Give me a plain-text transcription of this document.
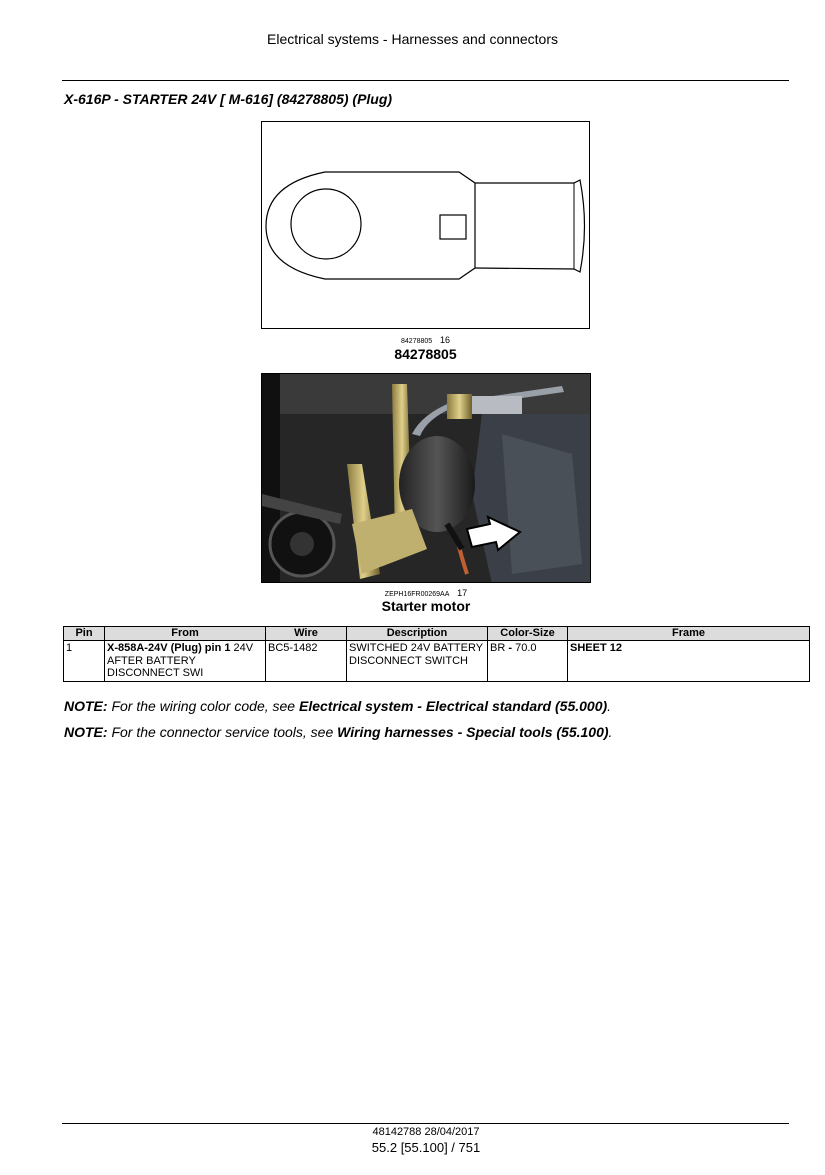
Electrical systems - Harnesses and connectors
X-616P - STARTER 24V [ M-616] (84278805) (Plug)
84278805 16
84278805
ZEPH16FR00269AA 17
Starter motor
Pin	From	Wire	Description	Color-Size	Frame
1	X-858A-24V (Plug) pin 1 24V AFTER BATTERY DISCONNECT SWI	BC5-1482	SWITCHED 24V BATTERY DISCONNECT SWITCH	BR - 70.0	SHEET 12
NOTE: For the wiring color code, see Electrical system - Electrical standard (55.000).
NOTE: For the connector service tools, see Wiring harnesses - Special tools (55.100).
48142788 28/04/2017
55.2 [55.100] / 751
